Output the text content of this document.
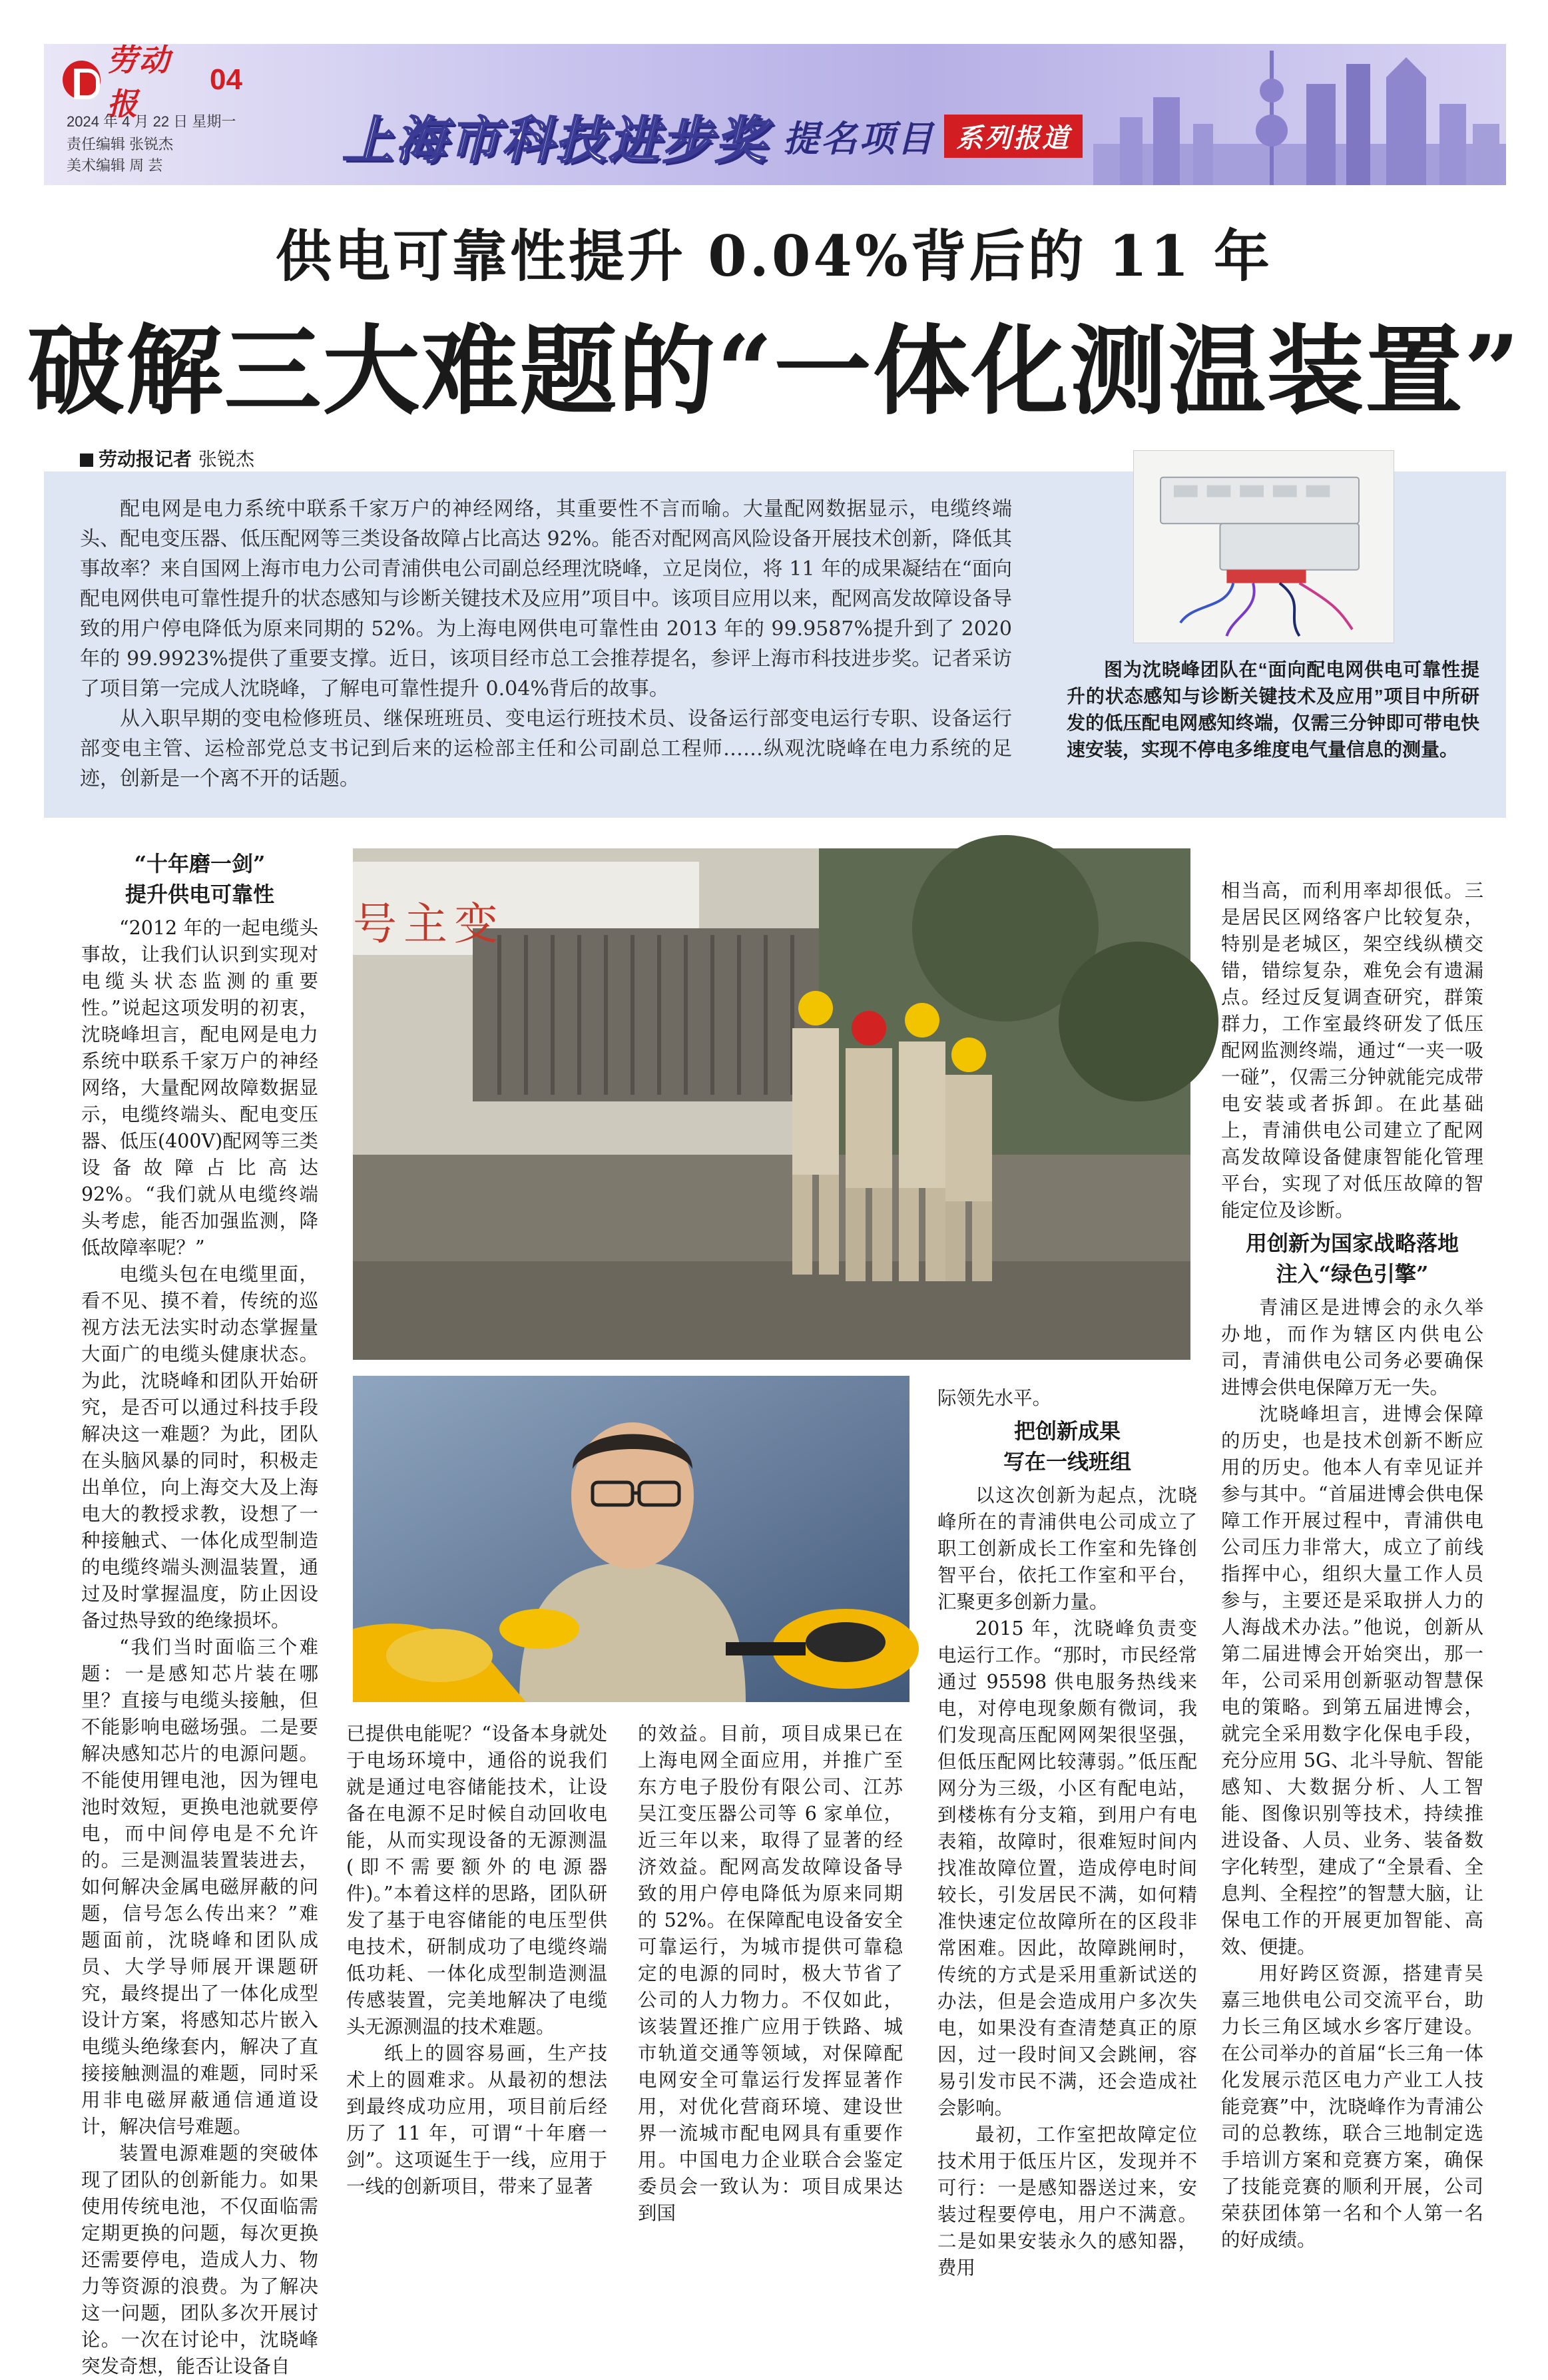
劳动报
04
2024 年 4 月 22 日 星期一
责任编辑 张锐杰
美术编辑 周 芸	上海市科技进步奖 提名项目 系列报道
供电可靠性提升 0.04%背后的 11 年
破解三大难题的“一体化测温装置”
劳动报记者 张锐杰

配电网是电力系统中联系千家万户的神经网络，其重要性不言而喻。大量配网数据显示，电缆终端头、配电变压器、低压配网等三类设备故障占比高达 92%。能否对配网高风险设备开展技术创新，降低其事故率？来自国网上海市电力公司青浦供电公司副总经理沈晓峰，立足岗位，将 11 年的成果凝结在“面向配电网供电可靠性提升的状态感知与诊断关键技术及应用”项目中。该项目应用以来，配网高发故障设备导致的用户停电降低为原来同期的 52%。为上海电网供电可靠性由 2013 年的 99.9587%提升到了 2020 年的 99.9923%提供了重要支撑。近日，该项目经市总工会推荐提名，参评上海市科技进步奖。记者采访了项目第一完成人沈晓峰，了解电可靠性提升 0.04%背后的故事。

从入职早期的变电检修班员、继保班班员、变电运行班技术员、设备运行部变电运行专职、设备运行部变电主管、运检部党总支书记到后来的运检部主任和公司副总工程师……纵观沈晓峰在电力系统的足迹，创新是一个离不开的话题。

图为沈晓峰团队在“面向配电网供电可靠性提升的状态感知与诊断关键技术及应用”项目中所研发的低压配电网感知终端，仅需三分钟即可带电快速安装，实现不停电多维度电气量信息的测量。
号主变

“十年磨一剑”
提升供电可靠性

“2012 年的一起电缆头事故，让我们认识到实现对电缆头状态监测的重要性。”说起这项发明的初衷，沈晓峰坦言，配电网是电力系统中联系千家万户的神经网络，大量配网故障数据显示，电缆终端头、配电变压器、低压(400V)配网等三类设备故障占比高达 92%。“我们就从电缆终端头考虑，能否加强监测，降低故障率呢？”

电缆头包在电缆里面，看不见、摸不着，传统的巡视方法无法实时动态掌握量大面广的电缆头健康状态。为此，沈晓峰和团队开始研究，是否可以通过科技手段解决这一难题？为此，团队在头脑风暴的同时，积极走出单位，向上海交大及上海电大的教授求教，设想了一种接触式、一体化成型制造的电缆终端头测温装置，通过及时掌握温度，防止因设备过热导致的绝缘损坏。

“我们当时面临三个难题：一是感知芯片装在哪里？直接与电缆头接触，但不能影响电磁场强。二是要解决感知芯片的电源问题。不能使用锂电池，因为锂电池时效短，更换电池就要停电，而中间停电是不允许的。三是测温装置装进去，如何解决金属电磁屏蔽的问题，信号怎么传出来？”难题面前，沈晓峰和团队成员、大学导师展开课题研究，最终提出了一体化成型设计方案，将感知芯片嵌入电缆头绝缘套内，解决了直接接触测温的难题，同时采用非电磁屏蔽通信通道设计，解决信号难题。

装置电源难题的突破体现了团队的创新能力。如果使用传统电池，不仅面临需定期更换的问题，每次更换还需要停电，造成人力、物力等资源的浪费。为了解决这一问题，团队多次开展讨论。一次在讨论中，沈晓峰突发奇想，能否让设备自

已提供电能呢？“设备本身就处于电场环境中，通俗的说我们就是通过电容储能技术，让设备在电源不足时候自动回收电能，从而实现设备的无源测温(即不需要额外的电源器件)。”本着这样的思路，团队研发了基于电容储能的电压型供电技术，研制成功了电缆终端低功耗、一体化成型制造测温传感装置，完美地解决了电缆头无源测温的技术难题。

纸上的圆容易画，生产技术上的圆难求。从最初的想法到最终成功应用，项目前后经历了 11 年，可谓“十年磨一剑”。这项诞生于一线，应用于一线的创新项目，带来了显著

的效益。目前，项目成果已在上海电网全面应用，并推广至东方电子股份有限公司、江苏吴江变压器公司等 6 家单位，近三年以来，取得了显著的经济效益。配网高发故障设备导致的用户停电降低为原来同期的 52%。在保障配电设备安全可靠运行，为城市提供可靠稳定的电源的同时，极大节省了公司的人力物力。不仅如此，该装置还推广应用于铁路、城市轨道交通等领域，对保障配电网安全可靠运行发挥显著作用，对优化营商环境、建设世界一流城市配电网具有重要作用。中国电力企业联合会鉴定委员会一致认为：项目成果达到国

际领先水平。

把创新成果
写在一线班组

以这次创新为起点，沈晓峰所在的青浦供电公司成立了职工创新成长工作室和先锋创智平台，依托工作室和平台，汇聚更多创新力量。

2015 年，沈晓峰负责变电运行工作。“那时，市民经常通过 95598 供电服务热线来电，对停电现象颇有微词，我们发现高压配网网架很坚强，但低压配网比较薄弱。”低压配网分为三级，小区有配电站，到楼栋有分支箱，到用户有电表箱，故障时，很难短时间内找准故障位置，造成停电时间较长，引发居民不满，如何精准快速定位故障所在的区段非常困难。因此，故障跳闸时，传统的方式是采用重新试送的办法，但是会造成用户多次失电，如果没有查清楚真正的原因，过一段时间又会跳闸，容易引发市民不满，还会造成社会影响。

最初，工作室把故障定位技术用于低压片区，发现并不可行：一是感知器送过来，安装过程要停电，用户不满意。二是如果安装永久的感知器，费用

相当高，而利用率却很低。三是居民区网络客户比较复杂，特别是老城区，架空线纵横交错，错综复杂，难免会有遗漏点。经过反复调查研究，群策群力，工作室最终研发了低压配网监测终端，通过“一夹一吸一碰”，仅需三分钟就能完成带电安装或者拆卸。在此基础上，青浦供电公司建立了配网高发故障设备健康智能化管理平台，实现了对低压故障的智能定位及诊断。

用创新为国家战略落地
注入“绿色引擎”

青浦区是进博会的永久举办地，而作为辖区内供电公司，青浦供电公司务必要确保进博会供电保障万无一失。

沈晓峰坦言，进博会保障的历史，也是技术创新不断应用的历史。他本人有幸见证并参与其中。“首届进博会供电保障工作开展过程中，青浦供电公司压力非常大，成立了前线指挥中心，组织大量工作人员参与，主要还是采取拼人力的人海战术办法。”他说，创新从第二届进博会开始突出，那一年，公司采用创新驱动智慧保电的策略。到第五届进博会，就完全采用数字化保电手段，充分应用 5G、北斗导航、智能感知、大数据分析、人工智能、图像识别等技术，持续推进设备、人员、业务、装备数字化转型，建成了“全景看、全息判、全程控”的智慧大脑，让保电工作的开展更加智能、高效、便捷。

用好跨区资源，搭建青吴嘉三地供电公司交流平台，助力长三角区域水乡客厅建设。在公司举办的首届“长三角一体化发展示范区电力产业工人技能竞赛”中，沈晓峰作为青浦公司的总教练，联合三地制定选手培训方案和竞赛方案，确保了技能竞赛的顺利开展，公司荣获团体第一名和个人第一名的好成绩。
